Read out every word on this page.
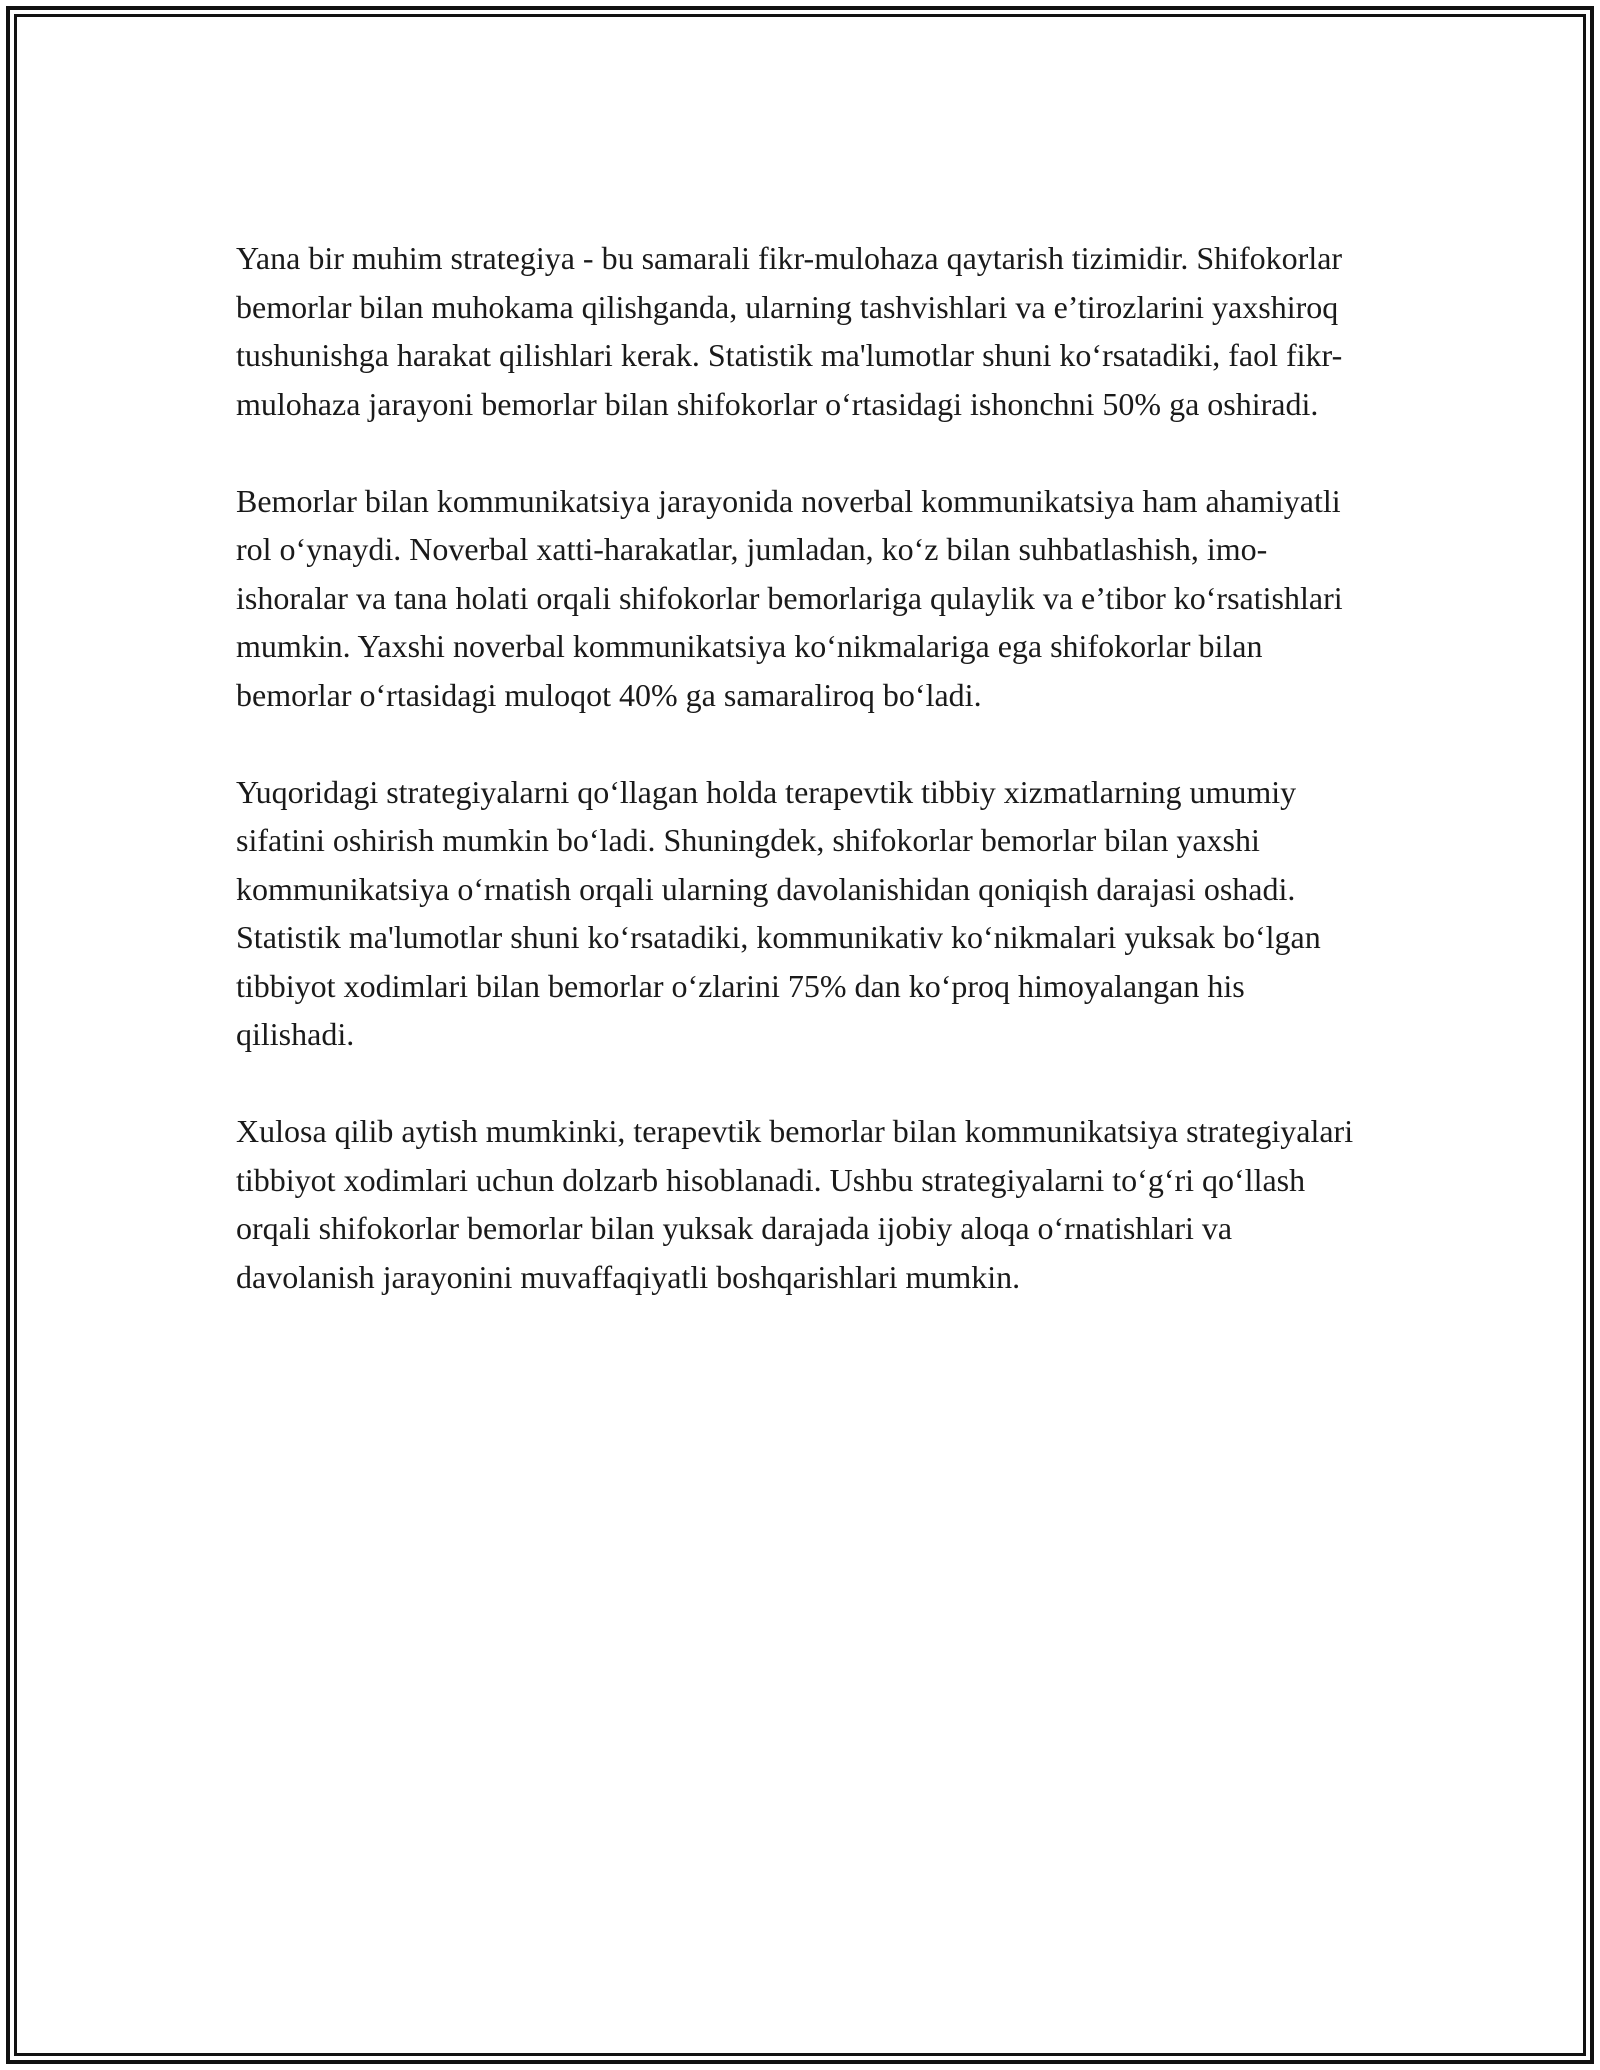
Yana bir muhim strategiya - bu samarali fikr-mulohaza qaytarish tizimidir. Shifokorlar bemorlar bilan muhokama qilishganda, ularning tashvishlari va e’tirozlarini yaxshiroq tushunishga harakat qilishlari kerak. Statistik ma'lumotlar shuni ko‘rsatadiki, faol fikr-mulohaza jarayoni bemorlar bilan shifokorlar o‘rtasidagi ishonchni 50% ga oshiradi.

Bemorlar bilan kommunikatsiya jarayonida noverbal kommunikatsiya ham ahamiyatli rol o‘ynaydi. Noverbal xatti-harakatlar, jumladan, ko‘z bilan suhbatlashish, imo-ishoralar va tana holati orqali shifokorlar bemorlariga qulaylik va e’tibor ko‘rsatishlari mumkin. Yaxshi noverbal kommunikatsiya ko‘nikmalariga ega shifokorlar bilan bemorlar o‘rtasidagi muloqot 40% ga samaraliroq bo‘ladi.

Yuqoridagi strategiyalarni qo‘llagan holda terapevtik tibbiy xizmatlarning umumiy sifatini oshirish mumkin bo‘ladi. Shuningdek, shifokorlar bemorlar bilan yaxshi kommunikatsiya o‘rnatish orqali ularning davolanishidan qoniqish darajasi oshadi. Statistik ma'lumotlar shuni ko‘rsatadiki, kommunikativ ko‘nikmalari yuksak bo‘lgan tibbiyot xodimlari bilan bemorlar o‘zlarini 75% dan ko‘proq himoyalangan his qilishadi.

Xulosa qilib aytish mumkinki, terapevtik bemorlar bilan kommunikatsiya strategiyalari tibbiyot xodimlari uchun dolzarb hisoblanadi. Ushbu strategiyalarni to‘g‘ri qo‘llash orqali shifokorlar bemorlar bilan yuksak darajada ijobiy aloqa o‘rnatishlari va davolanish jarayonini muvaffaqiyatli boshqarishlari mumkin.
